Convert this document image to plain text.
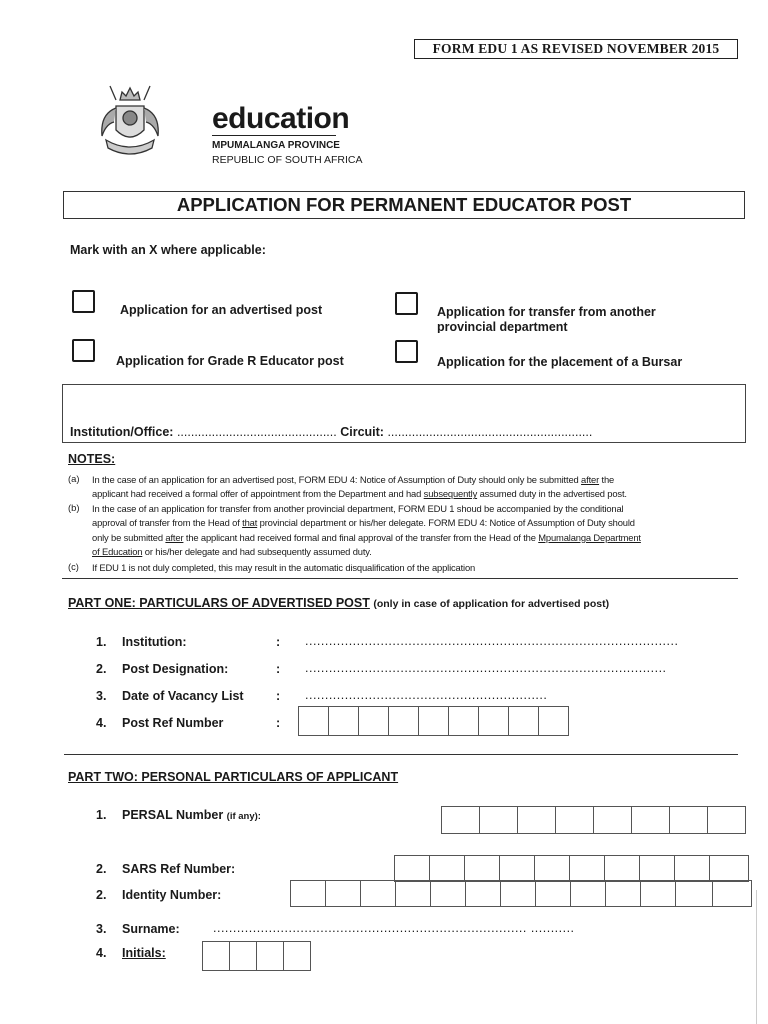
FORM EDU 1 AS REVISED NOVEMBER 2015
education
MPUMALANGA PROVINCE
REPUBLIC OF SOUTH AFRICA
APPLICATION FOR PERMANENT EDUCATOR POST
Mark with an X where applicable:
Application for an advertised post	Application for transfer from another
provincial department
Application for Grade R Educator post	Application for the placement of a Bursar
Institution/Office: .............................................. Circuit: ...........................................................
NOTES:
(a) In the case of an application for an advertised post, FORM EDU 4: Notice of Assumption of Duty should only be submitted after the
applicant had received a formal offer of appointment from the Department and had subsequently assumed duty in the advertised post.
(b) In the case of an application for transfer from another provincial department, FORM EDU 1 shoud be accompanied by the conditional
approval of transfer from the Head of that provincial department or his/her delegate. FORM EDU 4: Notice of Assumption of Duty should
only be submitted after the applicant had received formal and final approval of the transfer from the Head of the Mpumalanga Department
of Education or his/her delegate and had subsequently assumed duty.
(c) If EDU 1 is not duly completed, this may result in the automatic disqualification of the application
PART ONE: PARTICULARS OF ADVERTISED POST (only in case of application for advertised post)
1. Institution:	: ..............................................................................................
2. Post Designation:	: ...........................................................................................
3. Date of Vacancy List	: .............................................................
4. Post Ref Number	:
PART TWO: PERSONAL PARTICULARS OF APPLICANT
1. PERSAL Number (if any):
2. SARS Ref Number:
2. Identity Number:
3. Surname:	............................................................................... ...........
4. Initials:
